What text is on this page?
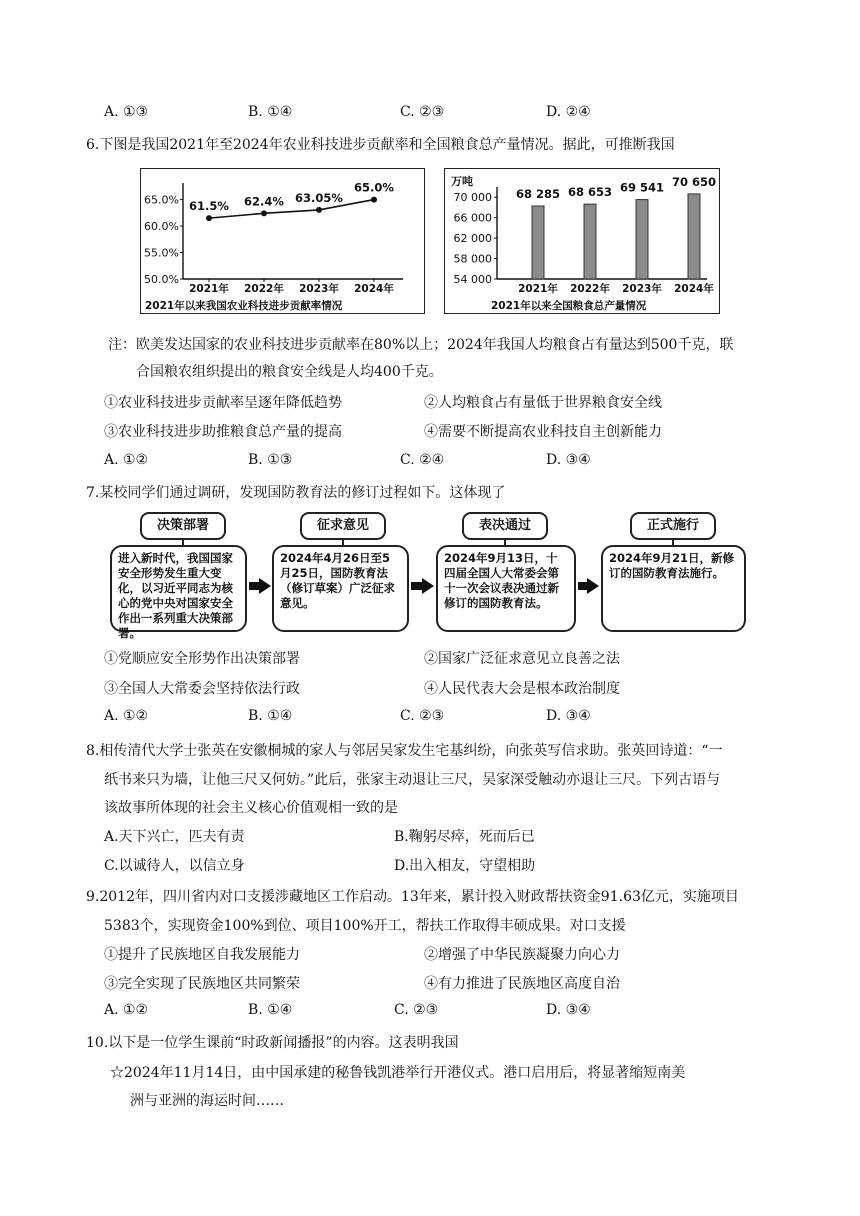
A. ①③	B. ①④	C. ②③	D. ②④
6.下图是我国2021年至2024年农业科技进步贡献率和全国粮食总产量情况。据此，可推断我国
50.0%
55.0%
60.0%
65.0%
2021年 2022年 2023年 2024年
61.5% 62.4% 63.05%
65.0%
2021年以来我国农业科技进步贡献率情况
万吨
54 000
58 000
62 000
66 000
70 000 68 285
2021年
68 653
2022年
69 541
2023年
70 650
2024年
2021年以来全国粮食总产量情况
注：欧美发达国家的农业科技进步贡献率在80%以上；2024年我国人均粮食占有量达到500千克，联
合国粮农组织提出的粮食安全线是人均400千克。
①农业科技进步贡献率呈逐年降低趋势	②人均粮食占有量低于世界粮食安全线
③农业科技进步助推粮食总产量的提高	④需要不断提高农业科技自主创新能力
A. ①②	B. ①③	C. ②④	D. ③④
7.某校同学们通过调研，发现国防教育法的修订过程如下。这体现了
决策部署	征求意见	表决通过	正式施行
进入新时代，我国国家安全形势发生重大变化，以习近平同志为核心的党中央对国家安全作出一系列重大决策部署。
2024年4月26日至5月25日，国防教育法（修订草案）广泛征求意见。
2024年9月13日，十四届全国人大常委会第十一次会议表决通过新修订的国防教育法。
2024年9月21日，新修订的国防教育法施行。
①党顺应安全形势作出决策部署	②国家广泛征求意见立良善之法
③全国人大常委会坚持依法行政	④人民代表大会是根本政治制度
A. ①②	B. ①④	C. ②③	D. ③④
8.相传清代大学士张英在安徽桐城的家人与邻居吴家发生宅基纠纷，向张英写信求助。张英回诗道：“一
纸书来只为墙，让他三尺又何妨。”此后，张家主动退让三尺，吴家深受触动亦退让三尺。下列古语与
该故事所体现的社会主义核心价值观相一致的是
A.天下兴亡，匹夫有责	B.鞠躬尽瘁，死而后已
C.以诚待人，以信立身	D.出入相友，守望相助
9.2012年，四川省内对口支援涉藏地区工作启动。13年来，累计投入财政帮扶资金91.63亿元，实施项目
5383个，实现资金100%到位、项目100%开工，帮扶工作取得丰硕成果。对口支援
①提升了民族地区自我发展能力	②增强了中华民族凝聚力向心力
③完全实现了民族地区共同繁荣	④有力推进了民族地区高度自治
A. ①②	B. ①④	C. ②③	D. ③④
10.以下是一位学生课前“时政新闻播报”的内容。这表明我国
☆2024年11月14日，由中国承建的秘鲁钱凯港举行开港仪式。港口启用后，将显著缩短南美
洲与亚洲的海运时间……
